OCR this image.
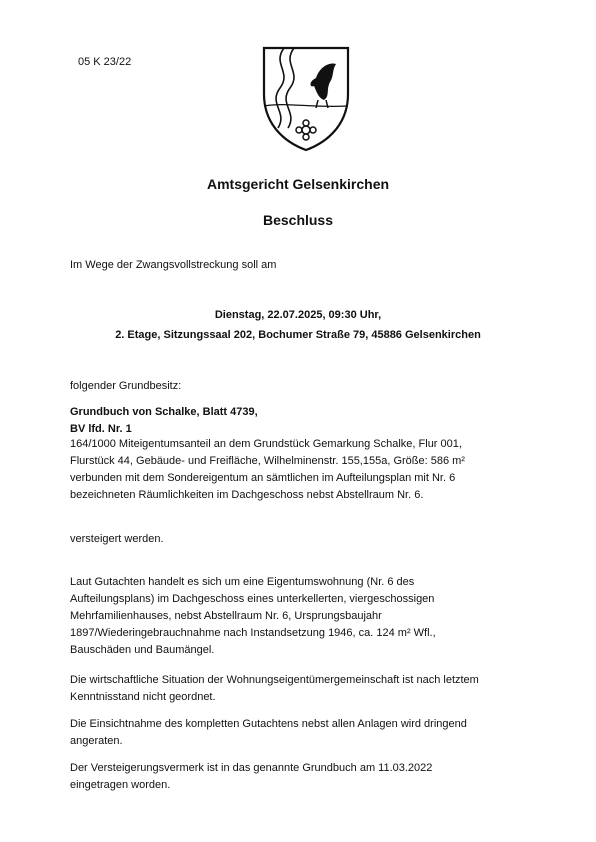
05 K 23/22
Amtsgericht Gelsenkirchen
Beschluss
Im Wege der Zwangsvollstreckung soll am
Dienstag, 22.07.2025, 09:30 Uhr,
2. Etage, Sitzungssaal 202, Bochumer Straße 79, 45886 Gelsenkirchen
folgender Grundbesitz:
Grundbuch von Schalke, Blatt 4739,
BV lfd. Nr. 1
164/1000 Miteigentumsanteil an dem Grundstück Gemarkung Schalke, Flur 001,
Flurstück 44, Gebäude- und Freifläche, Wilhelminenstr. 155,155a, Größe: 586 m²
verbunden mit dem Sondereigentum an sämtlichen im Aufteilungsplan mit Nr. 6
bezeichneten Räumlichkeiten im Dachgeschoss nebst Abstellraum Nr. 6.
versteigert werden.
Laut Gutachten handelt es sich um eine Eigentumswohnung (Nr. 6 des
Aufteilungsplans) im Dachgeschoss eines unterkellerten, viergeschossigen
Mehrfamilienhauses, nebst Abstellraum Nr. 6, Ursprungsbaujahr
1897/Wiederingebrauchnahme nach Instandsetzung 1946, ca. 124 m² Wfl.,
Bauschäden und Baumängel.
Die wirtschaftliche Situation der Wohnungseigentümergemeinschaft ist nach letztem
Kenntnisstand nicht geordnet.
Die Einsichtnahme des kompletten Gutachtens nebst allen Anlagen wird dringend
angeraten.
Der Versteigerungsvermerk ist in das genannte Grundbuch am 11.03.2022
eingetragen worden.
